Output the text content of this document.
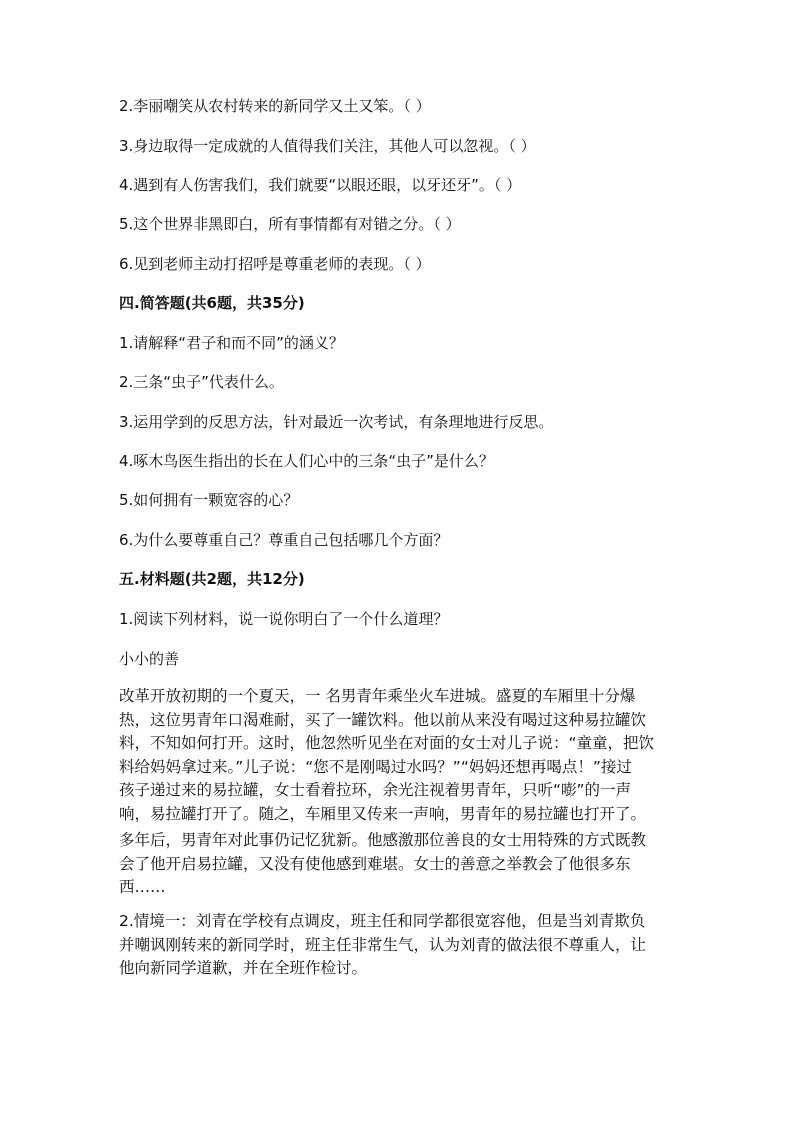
2.李丽嘲笑从农村转来的新同学又土又笨。（ ）
3.身边取得一定成就的人值得我们关注，其他人可以忽视。（ ）
4.遇到有人伤害我们，我们就要“以眼还眼，以牙还牙”。（ ）
5.这个世界非黑即白，所有事情都有对错之分。（ ）
6.见到老师主动打招呼是尊重老师的表现。（ ）
四.简答题(共6题，共35分)
1.请解释“君子和而不同”的涵义？
2.三条“虫子”代表什么。
3.运用学到的反思方法，针对最近一次考试，有条理地进行反思。
4.啄木鸟医生指出的长在人们心中的三条“虫子”是什么？
5.如何拥有一颗宽容的心？
6.为什么要尊重自己？尊重自己包括哪几个方面？
五.材料题(共2题，共12分)
1.阅读下列材料，说一说你明白了一个什么道理？
小小的善
改革开放初期的一个夏天，一 名男青年乘坐火车进城。盛夏的车厢里十分爆
热，这位男青年口渴难耐，买了一罐饮料。他以前从来没有喝过这种易拉罐饮
料，不知如何打开。这时，他忽然听见坐在对面的女士对儿子说：“童童，把饮
料给妈妈拿过来。”儿子说：“您不是刚喝过水吗？”“妈妈还想再喝点！”接过
孩子递过来的易拉罐，女士看着拉环，余光注视着男青年，只听“嘭”的一声
响，易拉罐打开了。随之，车厢里又传来一声响，男青年的易拉罐也打开了。
多年后，男青年对此事仍记忆犹新。他感激那位善良的女士用特殊的方式既教
会了他开启易拉罐，又没有使他感到难堪。女士的善意之举教会了他很多东
西……
2.情境一：刘青在学校有点调皮，班主任和同学都很宽容他，但是当刘青欺负
并嘲讽刚转来的新同学时，班主任非常生气，认为刘青的做法很不尊重人，让
他向新同学道歉，并在全班作检讨。
